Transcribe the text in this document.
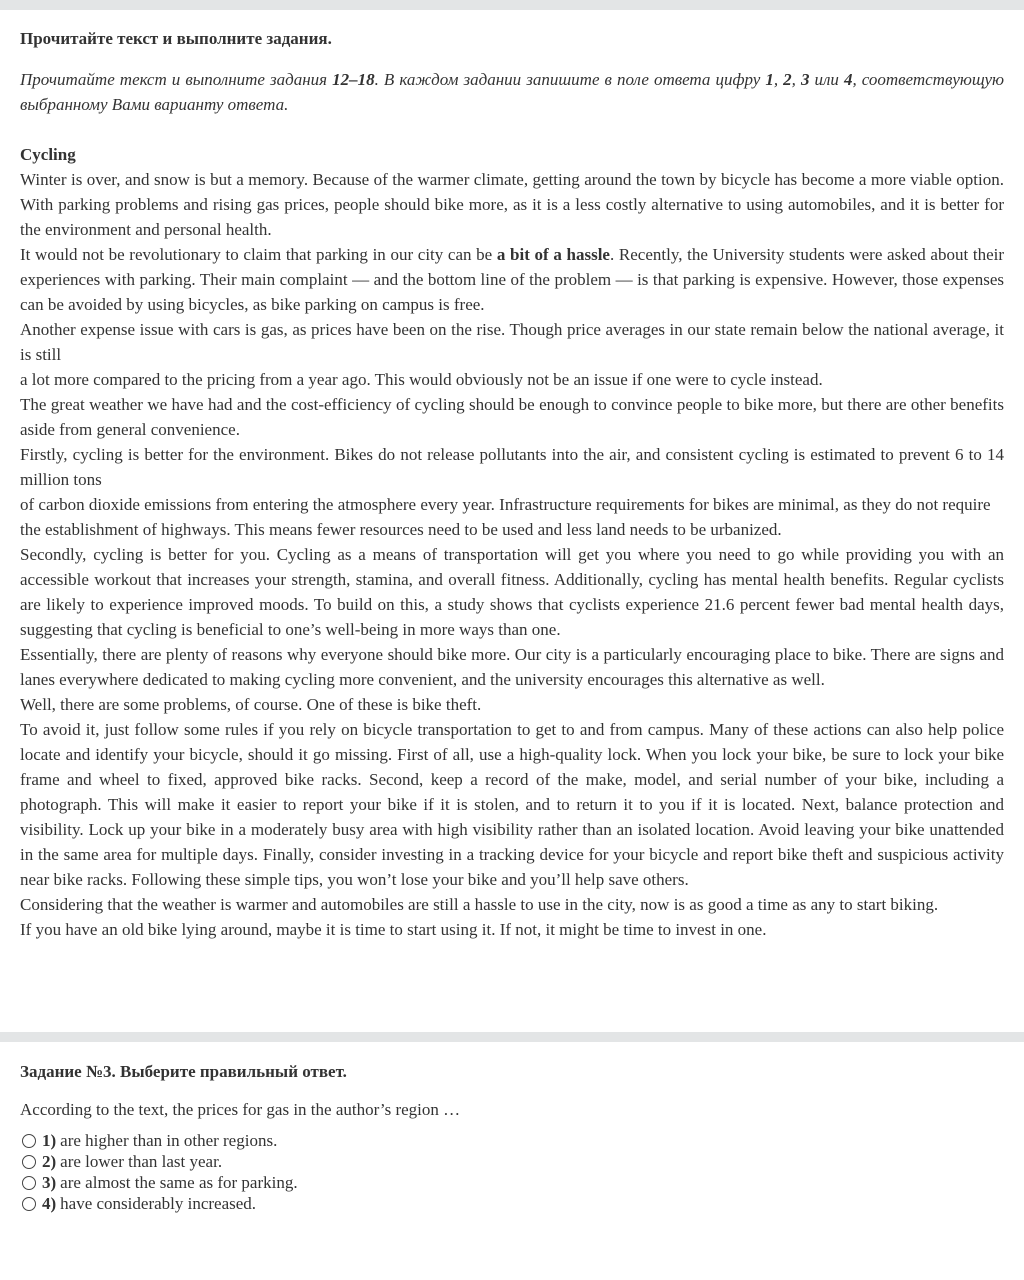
Прочитайте текст и выполните задания.

Прочитайте текст и выполните задания 12–18. В каждом задании запишите в поле ответа цифру 1, 2, 3 или 4, соответствующую выбранному Вами варианту ответа.

Cycling

Winter is over, and snow is but a memory. Because of the warmer climate, getting around the town by bicycle has become a more viable option. With parking problems and rising gas prices, people should bike more, as it is a less costly alternative to using automobiles, and it is better for the environment and personal health.

It would not be revolutionary to claim that parking in our city can be a bit of a hassle. Recently, the University students were asked about their experiences with parking. Their main complaint — and the bottom line of the problem — is that parking is expensive. However, those expenses can be avoided by using bicycles, as bike parking on campus is free.

Another expense issue with cars is gas, as prices have been on the rise. Though price averages in our state remain below the national average, it is still

a lot more compared to the pricing from a year ago. This would obviously not be an issue if one were to cycle instead.

The great weather we have had and the cost-efficiency of cycling should be enough to convince people to bike more, but there are other benefits aside from general convenience.

Firstly, cycling is better for the environment. Bikes do not release pollutants into the air, and consistent cycling is estimated to prevent 6 to 14 million tons

of carbon dioxide emissions from entering the atmosphere every year. Infrastructure requirements for bikes are minimal, as they do not require

the establishment of highways. This means fewer resources need to be used and less land needs to be urbanized.

Secondly, cycling is better for you. Cycling as a means of transportation will get you where you need to go while providing you with an accessible workout that increases your strength, stamina, and overall fitness. Additionally, cycling has mental health benefits. Regular cyclists are likely to experience improved moods. To build on this, a study shows that cyclists experience 21.6 percent fewer bad mental health days, suggesting that cycling is beneficial to one’s well-being in more ways than one.

Essentially, there are plenty of reasons why everyone should bike more. Our city is a particularly encouraging place to bike. There are signs and lanes everywhere dedicated to making cycling more convenient, and the university encourages this alternative as well.

Well, there are some problems, of course. One of these is bike theft.

To avoid it, just follow some rules if you rely on bicycle transportation to get to and from campus. Many of these actions can also help police locate and identify your bicycle, should it go missing. First of all, use a high-quality lock. When you lock your bike, be sure to lock your bike frame and wheel to fixed, approved bike racks. Second, keep a record of the make, model, and serial number of your bike, including a photograph. This will make it easier to report your bike if it is stolen, and to return it to you if it is located. Next, balance protection and visibility. Lock up your bike in a moderately busy area with high visibility rather than an isolated location. Avoid leaving your bike unattended in the same area for multiple days. Finally, consider investing in a tracking device for your bicycle and report bike theft and suspicious activity near bike racks. Following these simple tips, you won’t lose your bike and you’ll help save others.

Considering that the weather is warmer and automobiles are still a hassle to use in the city, now is as good a time as any to start biking.

If you have an old bike lying around, maybe it is time to start using it. If not, it might be time to invest in one.

Задание №3. Выберите правильный ответ.
According to the text, the prices for gas in the author’s region …
1) are higher than in other regions.
2) are lower than last year.
3) are almost the same as for parking.
4) have considerably increased.
